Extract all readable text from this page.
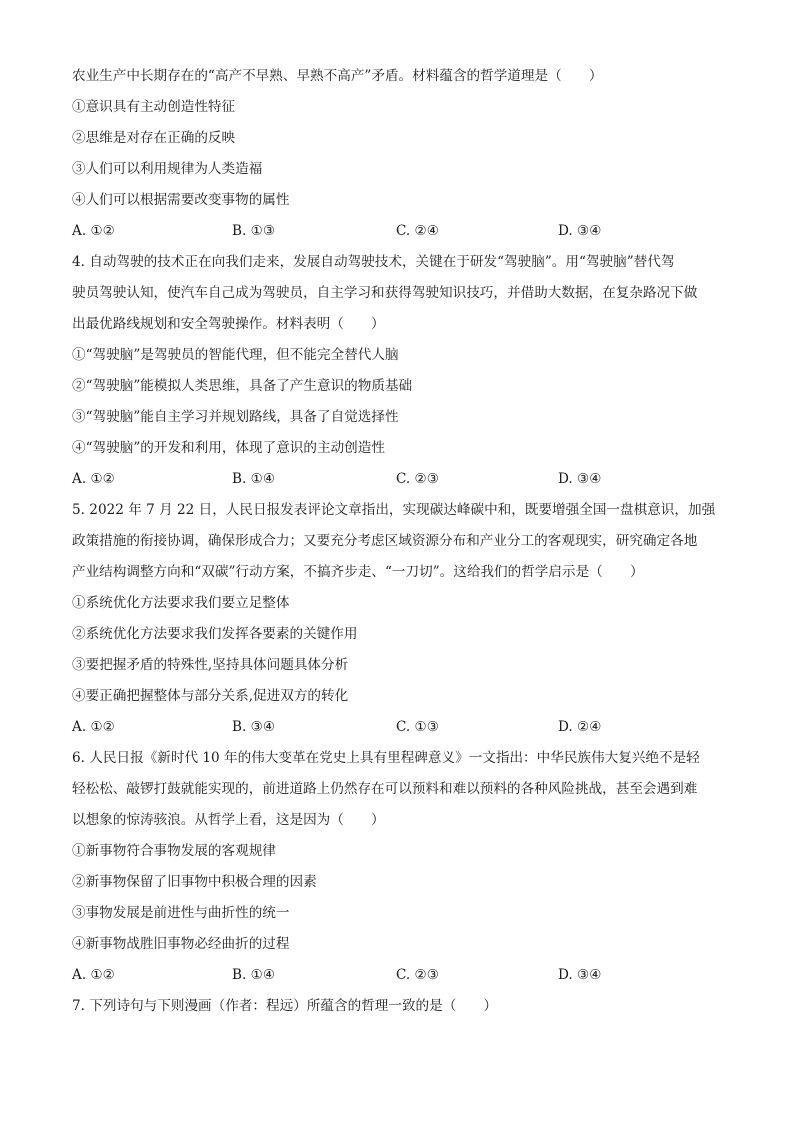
农业生产中长期存在的“高产不早熟、早熟不高产”矛盾。材料蕴含的哲学道理是（　　）
①意识具有主动创造性特征
②思维是对存在正确的反映
③人们可以利用规律为人类造福
④人们可以根据需要改变事物的属性
A. ①②	B. ①③	C. ②④	D. ③④
4. 自动驾驶的技术正在向我们走来，发展自动驾驶技术，关键在于研发“驾驶脑”。用“驾驶脑”替代驾
驶员驾驶认知，使汽车自己成为驾驶员，自主学习和获得驾驶知识技巧，并借助大数据，在复杂路况下做
出最优路线规划和安全驾驶操作。材料表明（　　）
①“驾驶脑”是驾驶员的智能代理，但不能完全替代人脑
②“驾驶脑”能模拟人类思维，具备了产生意识的物质基础
③“驾驶脑”能自主学习并规划路线，具备了自觉选择性
④“驾驶脑”的开发和利用，体现了意识的主动创造性
A. ①②	B. ①④	C. ②③	D. ③④
5. 2022 年 7 月 22 日，人民日报发表评论文章指出，实现碳达峰碳中和，既要增强全国一盘棋意识，加强
政策措施的衔接协调，确保形成合力；又要充分考虑区域资源分布和产业分工的客观现实，研究确定各地
产业结构调整方向和“双碳”行动方案，不搞齐步走、“一刀切”。这给我们的哲学启示是（　　）
①系统优化方法要求我们要立足整体
②系统优化方法要求我们发挥各要素的关键作用
③要把握矛盾的特殊性,坚持具体问题具体分析
④要正确把握整体与部分关系,促进双方的转化
A. ①②	B. ③④	C. ①③	D. ②④
6. 人民日报《新时代 10 年的伟大变革在党史上具有里程碑意义》一文指出：中华民族伟大复兴绝不是轻
轻松松、敲锣打鼓就能实现的，前进道路上仍然存在可以预料和难以预料的各种风险挑战，甚至会遇到难
以想象的惊涛骇浪。从哲学上看，这是因为（　　）
①新事物符合事物发展的客观规律
②新事物保留了旧事物中积极合理的因素
③事物发展是前进性与曲折性的统一
④新事物战胜旧事物必经曲折的过程
A. ①②	B. ①④	C. ②③	D. ③④
7. 下列诗句与下则漫画（作者：程远）所蕴含的哲理一致的是（　　）
